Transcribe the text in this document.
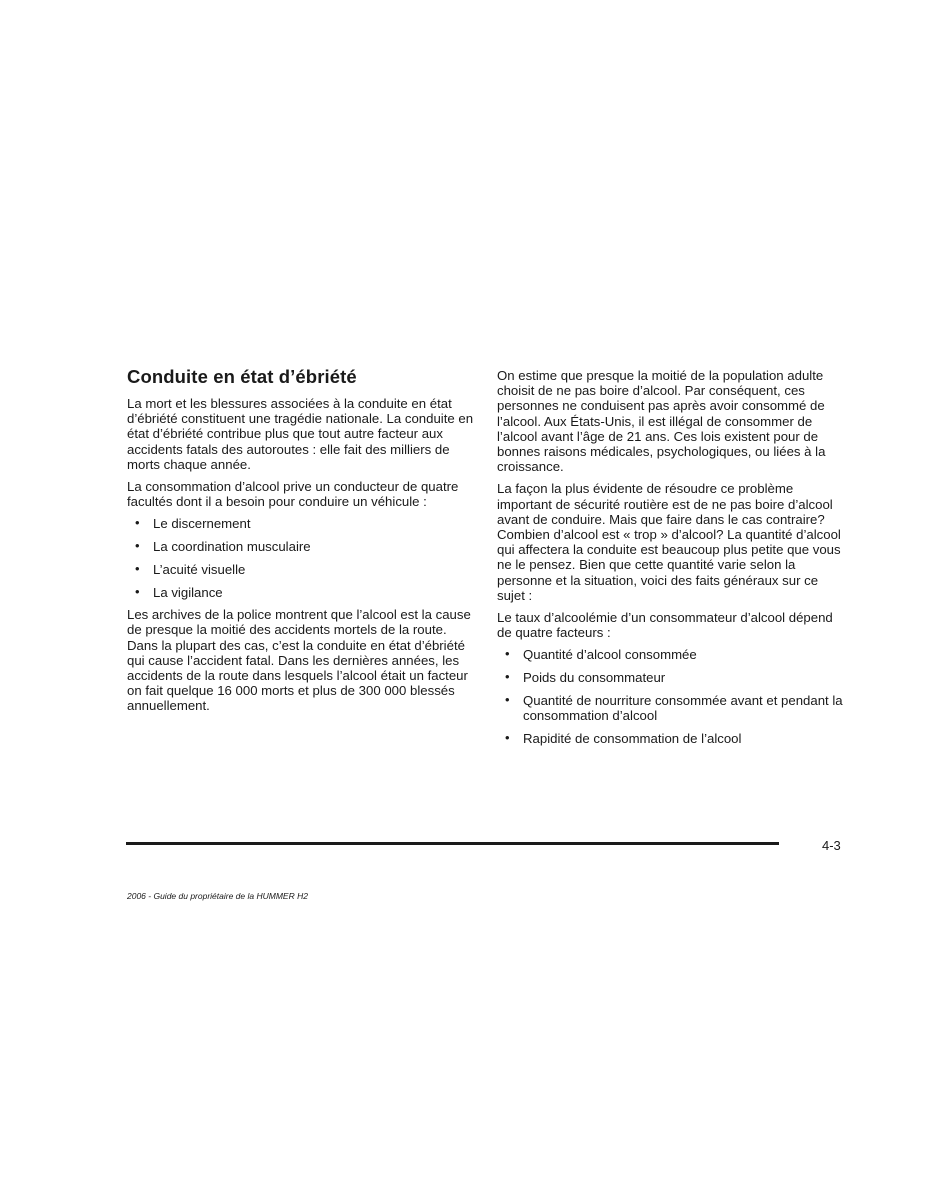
Conduite en état d’ébriété

La mort et les blessures associées à la conduite en état d’ébriété constituent une tragédie nationale. La conduite en état d’ébriété contribue plus que tout autre facteur aux accidents fatals des autoroutes : elle fait des milliers de morts chaque année.

La consommation d’alcool prive un conducteur de quatre facultés dont il a besoin pour conduire un véhicule :

• Le discernement
• La coordination musculaire
• L’acuité visuelle
• La vigilance

Les archives de la police montrent que l’alcool est la cause de presque la moitié des accidents mortels de la route. Dans la plupart des cas, c’est la conduite en état d’ébriété qui cause l’accident fatal. Dans les dernières années, les accidents de la route dans lesquels l’alcool était un facteur on fait quelque 16 000 morts et plus de 300 000 blessés annuellement.

On estime que presque la moitié de la population adulte choisit de ne pas boire d’alcool. Par conséquent, ces personnes ne conduisent pas après avoir consommé de l’alcool. Aux États-Unis, il est illégal de consommer de l’alcool avant l’âge de 21 ans. Ces lois existent pour de bonnes raisons médicales, psychologiques, ou liées à la croissance.

La façon la plus évidente de résoudre ce problème important de sécurité routière est de ne pas boire d’alcool avant de conduire. Mais que faire dans le cas contraire? Combien d’alcool est « trop » d’alcool? La quantité d’alcool qui affectera la conduite est beaucoup plus petite que vous ne le pensez. Bien que cette quantité varie selon la personne et la situation, voici des faits généraux sur ce sujet :

Le taux d’alcoolémie d’un consommateur d’alcool dépend de quatre facteurs :

• Quantité d’alcool consommée
• Poids du consommateur
• Quantité de nourriture consommée avant et pendant la consommation d’alcool
• Rapidité de consommation de l’alcool
4-3
2006 - Guide du propriétaire de la HUMMER H2
